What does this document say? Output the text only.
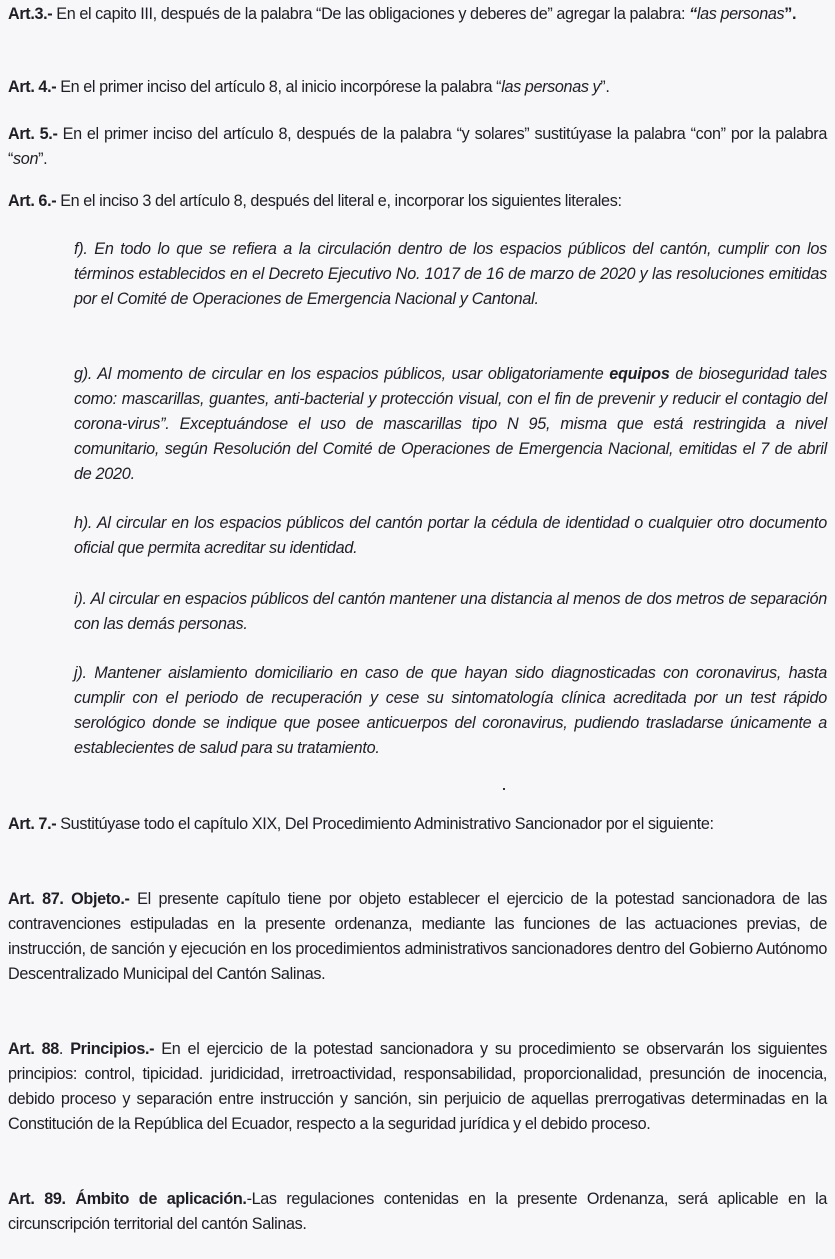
Art.3.- En el capito III, después de la palabra “De las obligaciones y deberes de” agregar la palabra: “las personas”.

Art. 4.- En el primer inciso del artículo 8, al inicio incorpórese la palabra “las personas y”.

Art. 5.- En el primer inciso del artículo 8, después de la palabra “y solares” sustitúyase la palabra “con” por la palabra “son”.

Art. 6.- En el inciso 3 del artículo 8, después del literal e, incorporar los siguientes literales:

f). En todo lo que se refiera a la circulación dentro de los espacios públicos del cantón, cumplir con los términos establecidos en el Decreto Ejecutivo No. 1017 de 16 de marzo de 2020 y las resoluciones emitidas por el Comité de Operaciones de Emergencia Nacional y Cantonal.

g). Al momento de circular en los espacios públicos, usar obligatoriamente equipos de bioseguridad tales como: mascarillas, guantes, anti-bacterial y protección visual, con el fin de prevenir y reducir el contagio del corona-virus”. Exceptuándose el uso de mascarillas tipo N 95, misma que está restringida a nivel comunitario, según Resolución del Comité de Operaciones de Emergencia Nacional, emitidas el 7 de abril de 2020.

h). Al circular en los espacios públicos del cantón portar la cédula de identidad o cualquier otro documento oficial que permita acreditar su identidad.

i). Al circular en espacios públicos del cantón mantener una distancia al menos de dos metros de separación con las demás personas.

j). Mantener aislamiento domiciliario en caso de que hayan sido diagnosticadas con coronavirus, hasta cumplir con el periodo de recuperación y cese su sintomatología clínica acreditada por un test rápido serológico donde se indique que posee anticuerpos del coronavirus, pudiendo trasladarse únicamente a establecientes de salud para su tratamiento.

Art. 7.- Sustitúyase todo el capítulo XIX, Del Procedimiento Administrativo Sancionador por el siguiente:

Art. 87. Objeto.- El presente capítulo tiene por objeto establecer el ejercicio de la potestad sancionadora de las contravenciones estipuladas en la presente ordenanza, mediante las funciones de las actuaciones previas, de instrucción, de sanción y ejecución en los procedimientos administrativos sancionadores dentro del Gobierno Autónomo Descentralizado Municipal del Cantón Salinas.

Art. 88. Principios.- En el ejercicio de la potestad sancionadora y su procedimiento se observarán los siguientes principios: control, tipicidad. juridicidad, irretroactividad, responsabilidad, proporcionalidad, presunción de inocencia, debido proceso y separación entre instrucción y sanción, sin perjuicio de aquellas prerrogativas determinadas en la Constitución de la República del Ecuador, respecto a la seguridad jurídica y el debido proceso.

Art. 89. Ámbito de aplicación.-Las regulaciones contenidas en la presente Ordenanza, será aplicable en la circunscripción territorial del cantón Salinas.
